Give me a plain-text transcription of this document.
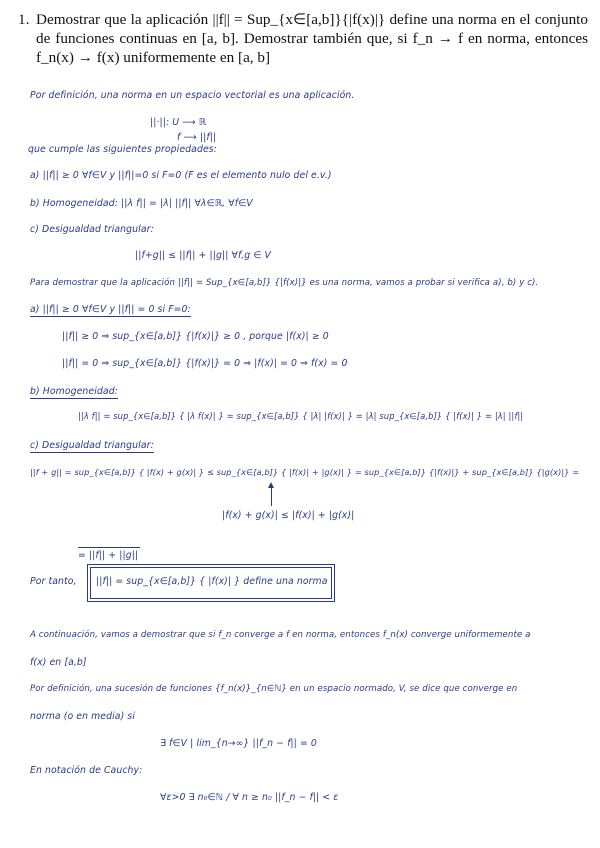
1. Demostrar que la aplicación ||f|| = Sup_{x∈[a,b]}{|f(x)|} define una norma en el conjunto de funciones continuas en [a, b]. Demostrar también que, si f_n → f en norma, entonces f_n(x) → f(x) uniformemente en [a, b]
Por definición, una norma en un espacio vectorial es una aplicación.
||·||: U ⟶ ℝ
f ⟶ ||f||
que cumple las siguientes propiedades:
a) ||f|| ≥ 0 ∀f∈V y ||f||=0 si F=0 (F es el elemento nulo del e.v.)
b) Homogeneidad: ||λ f|| = |λ| ||f|| ∀λ∈ℝ, ∀f∈V
c) Desigualdad triangular:
||f+g|| ≤ ||f|| + ||g|| ∀f,g ∈ V
Para demostrar que la aplicación ||f|| = Sup_{x∈[a,b]} {|f(x)|} es una norma, vamos a probar si verifica a), b) y c).
a) ||f|| ≥ 0 ∀f∈V y ||f|| = 0 si F=0:
||f|| ≥ 0 ⇒ sup_{x∈[a,b]} {|f(x)|} ≥ 0 , porque |f(x)| ≥ 0
||f|| = 0 ⇒ sup_{x∈[a,b]} {|f(x)|} = 0 ⇒ |f(x)| = 0 ⇒ f(x) = 0
b) Homogeneidad:
||λ f|| = sup_{x∈[a,b]} { |λ f(x)| } = sup_{x∈[a,b]} { |λ| |f(x)| } = |λ| sup_{x∈[a,b]} { |f(x)| } = |λ| ||f||
c) Desigualdad triangular:
||f + g|| = sup_{x∈[a,b]} { |f(x) + g(x)| } ≤ sup_{x∈[a,b]} { |f(x)| + |g(x)| } = sup_{x∈[a,b]} {|f(x)|} + sup_{x∈[a,b]} {|g(x)|} =
|f(x) + g(x)| ≤ |f(x)| + |g(x)|
= ||f|| + ||g||
Por tanto, ||f|| = sup_{x∈[a,b]} { |f(x)| } define una norma
A continuación, vamos a demostrar que si f_n converge a f en norma, entonces f_n(x) converge uniformemente a
f(x) en [a,b]
Por definición, una sucesión de funciones {f_n(x)}_{n∈ℕ} en un espacio normado, V, se dice que converge en
norma (o en media) si
∃ f∈V | lim_{n→∞} ||f_n − f|| = 0
En notación de Cauchy:
∀ε>0 ∃ n₀∈ℕ / ∀ n ≥ n₀ ||f_n − f|| < ε
